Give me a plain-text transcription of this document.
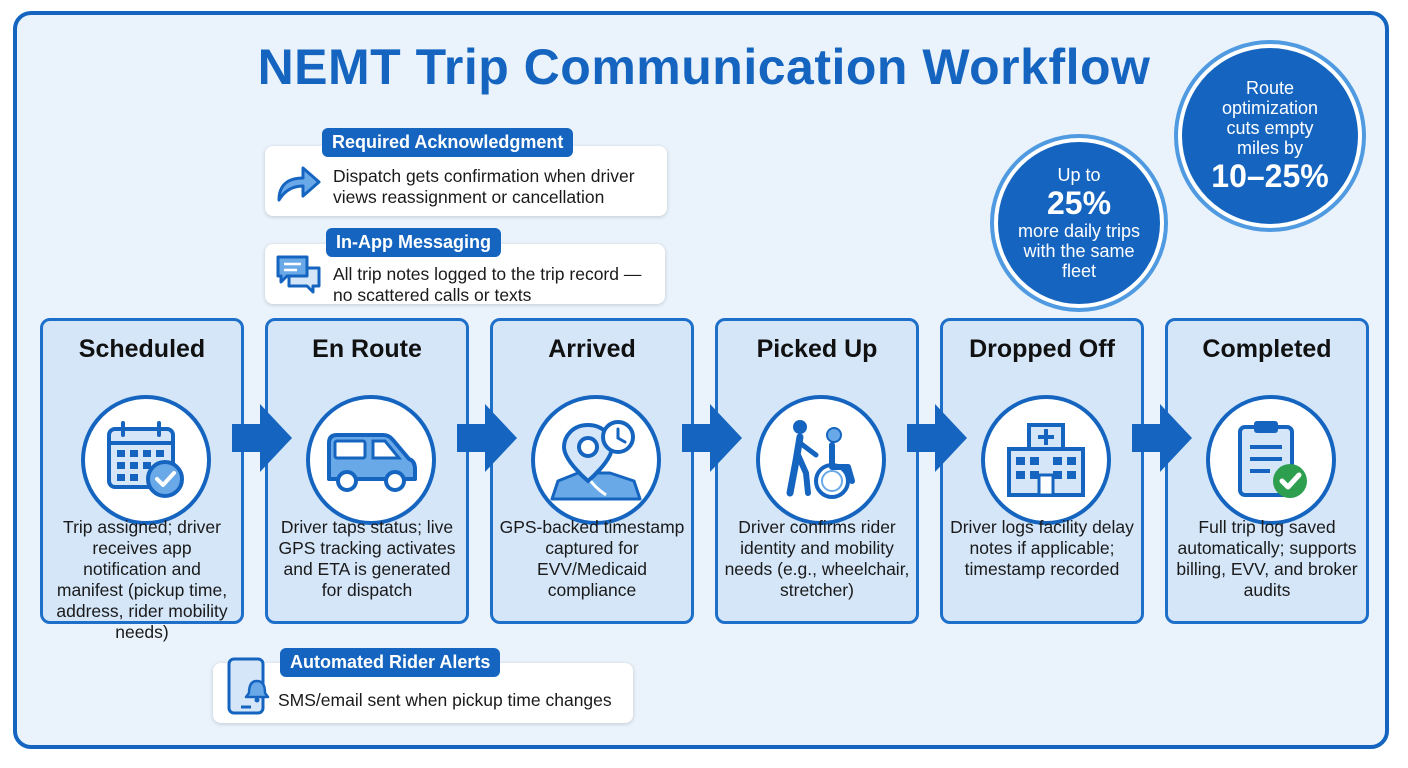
NEMT Trip Communication Workflow
Scheduled
Trip assigned; driver receives app notification and manifest (pickup time, address, rider mobility needs)
En Route
Driver taps status; live GPS tracking activates and ETA is generated for dispatch
Arrived
GPS-backed timestamp captured for EVV/Medicaid compliance
Picked Up
Driver confirms rider identity and mobility needs (e.g., wheelchair, stretcher)
Dropped Off
Driver logs facility delay notes if applicable; timestamp recorded
Completed
Full trip log saved automatically; supports billing, EVV, and broker audits
Dispatch gets confirmation when driver views reassignment or cancellation
Required Acknowledgment
All trip notes logged to the trip record — no scattered calls or texts
In-App Messaging
SMS/email sent when pickup time changes
Automated Rider Alerts
Up to
25%
more daily trips with the same fleet
Route optimization cuts empty miles by
10–25%
